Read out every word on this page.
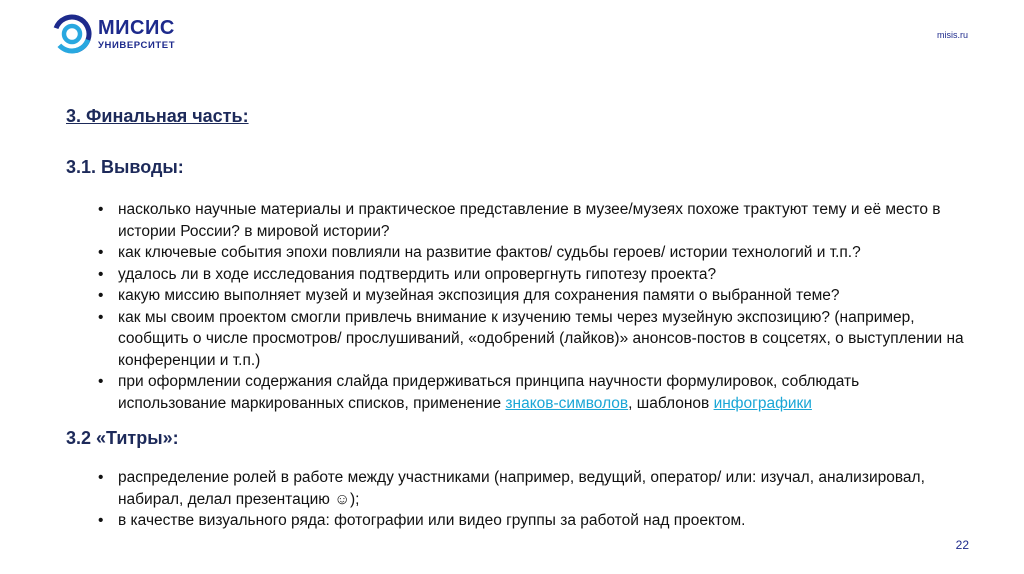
МИСИС
УНИВЕРСИТЕТ
misis.ru
3. Финальная часть:
3.1. Выводы:
• насколько научные материалы и практическое представление в музее/музеях похоже трактуют тему и её место в истории России? в мировой истории?
• как ключевые события эпохи повлияли на развитие фактов/ судьбы героев/ истории технологий и т.п.?
• удалось ли в ходе исследования подтвердить или опровергнуть гипотезу проекта?
• какую миссию выполняет музей и музейная экспозиция для сохранения памяти о выбранной теме?
• как мы своим проектом смогли привлечь внимание к изучению темы через музейную экспозицию? (например, сообщить о числе просмотров/ прослушиваний, «одобрений (лайков)» анонсов-постов в соцсетях, о выступлении на конференции и т.п.)
• при оформлении содержания слайда придерживаться принципа научности формулировок, соблюдать использование маркированных списков, применение знаков-символов, шаблонов инфографики
3.2 «Титры»:
• распределение ролей в работе между участниками (например, ведущий, оператор/ или: изучал, анализировал, набирал, делал презентацию ☺);
• в качестве визуального ряда: фотографии или видео группы за работой над проектом.
22
